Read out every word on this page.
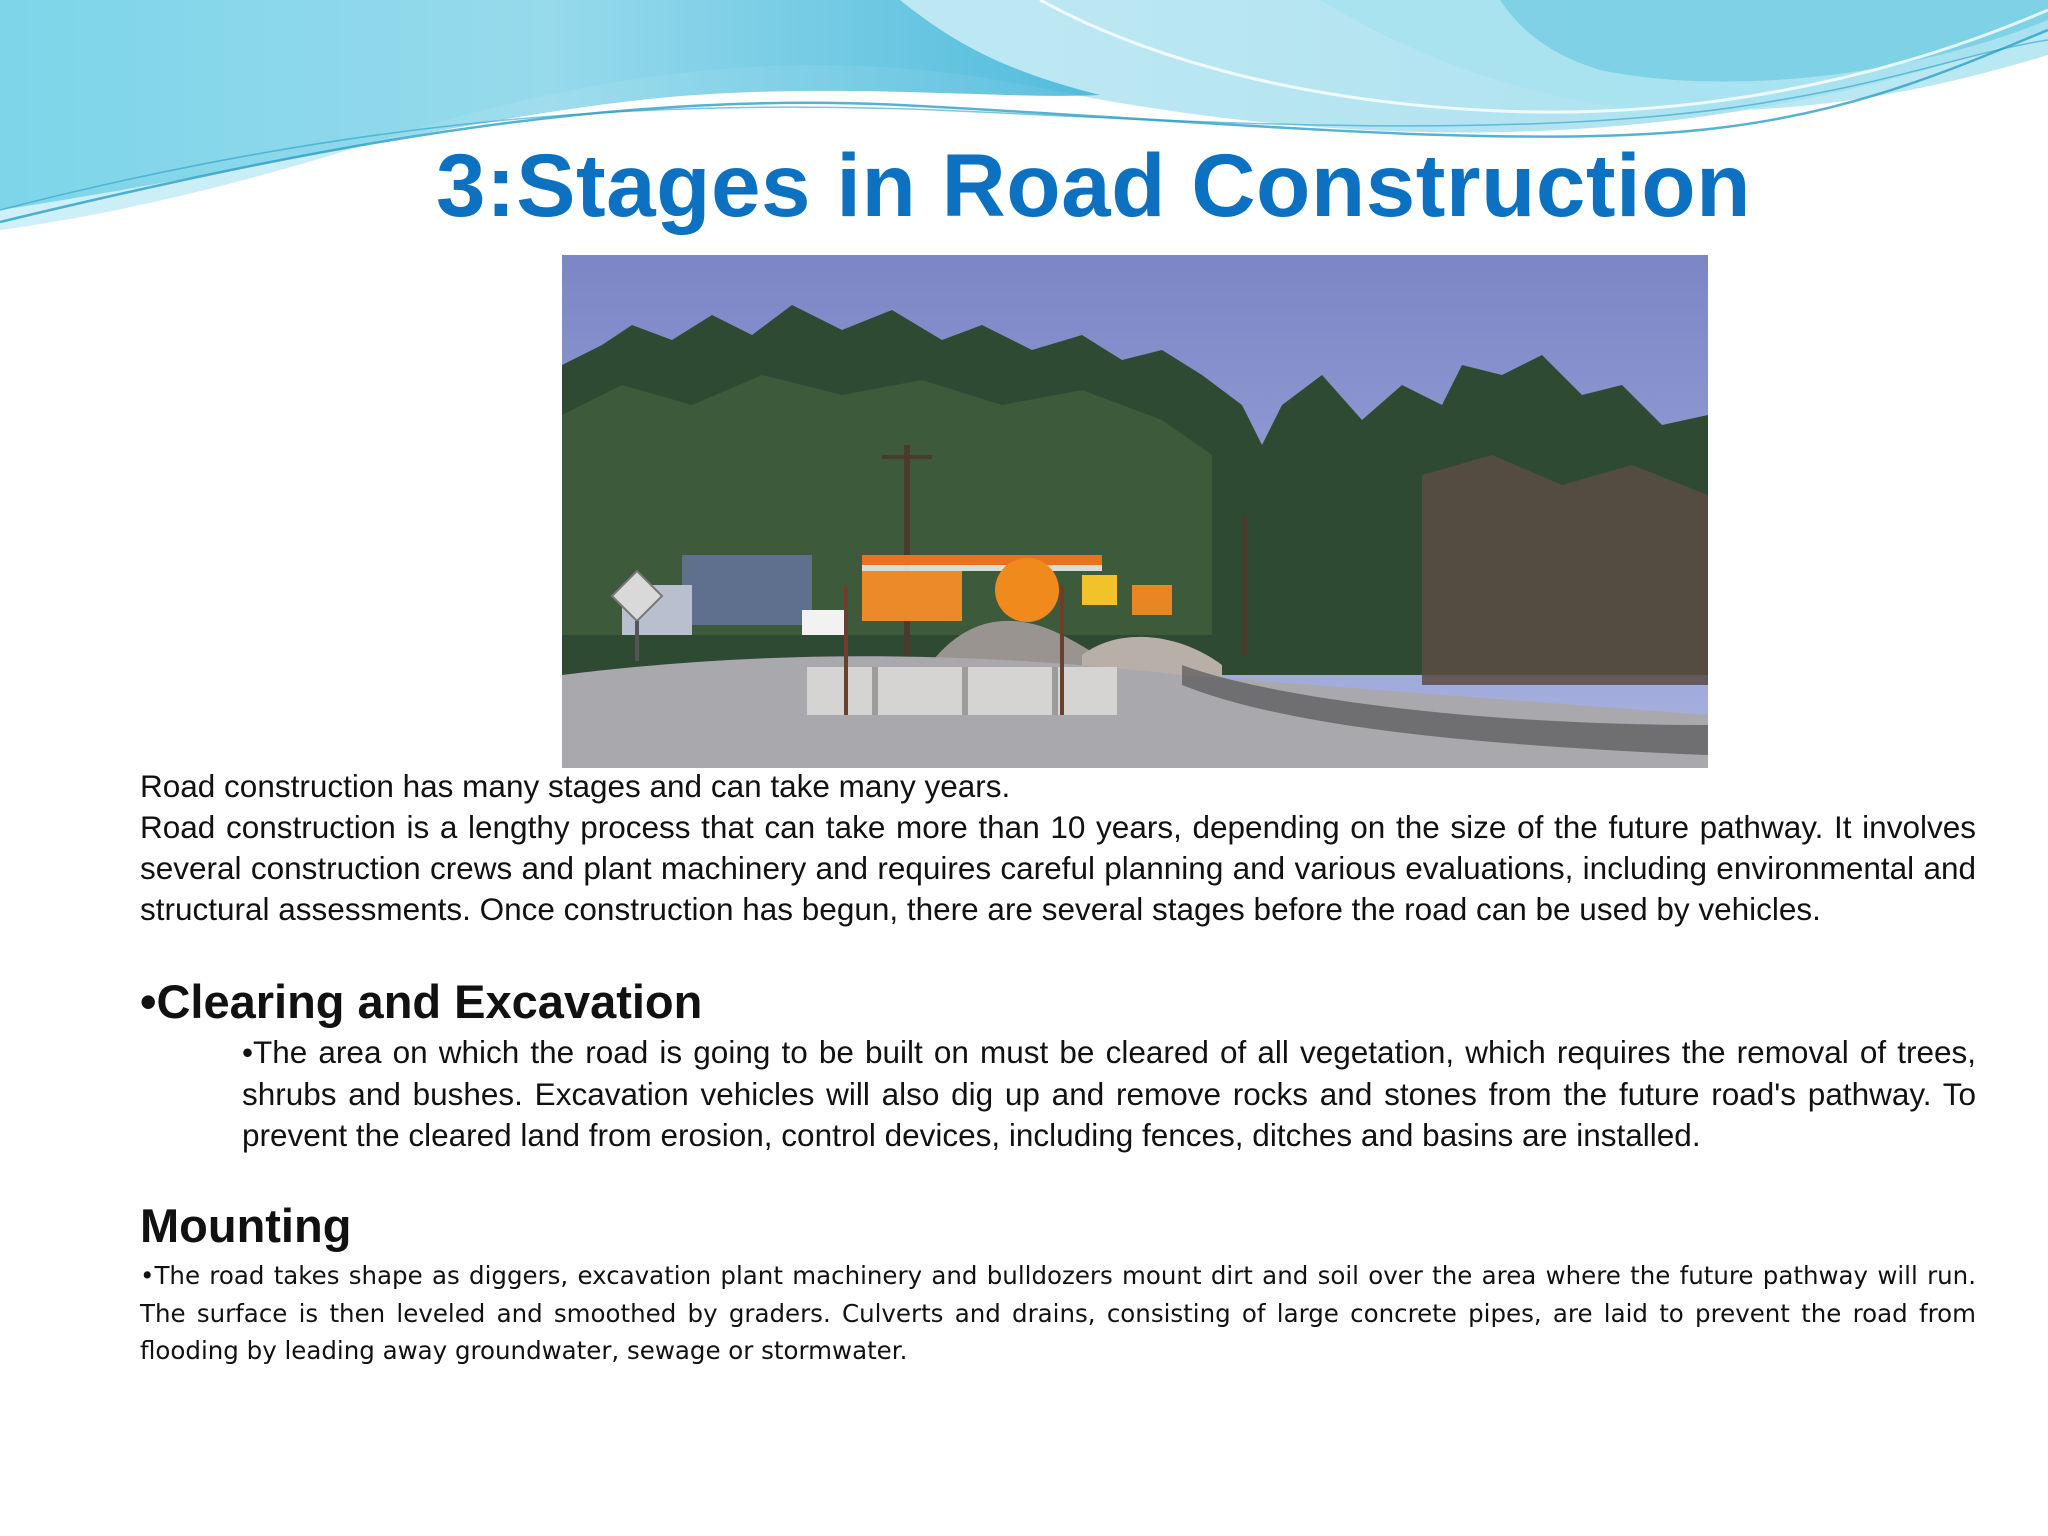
3:Stages in Road Construction
Road construction has many stages and can take many years.
Road construction is a lengthy process that can take more than 10 years, depending on the size of the future pathway. It involves several construction crews and plant machinery and requires careful planning and various evaluations, including environmental and structural assessments. Once construction has begun, there are several stages before the road can be used by vehicles.
•Clearing and Excavation
•The area on which the road is going to be built on must be cleared of all vegetation, which requires the removal of trees, shrubs and bushes. Excavation vehicles will also dig up and remove rocks and stones from the future road's pathway. To prevent the cleared land from erosion, control devices, including fences, ditches and basins are installed.
Mounting
•The road takes shape as diggers, excavation plant machinery and bulldozers mount dirt and soil over the area where the future pathway will run. The surface is then leveled and smoothed by graders. Culverts and drains, consisting of large concrete pipes, are laid to prevent the road from flooding by leading away groundwater, sewage or stormwater.
